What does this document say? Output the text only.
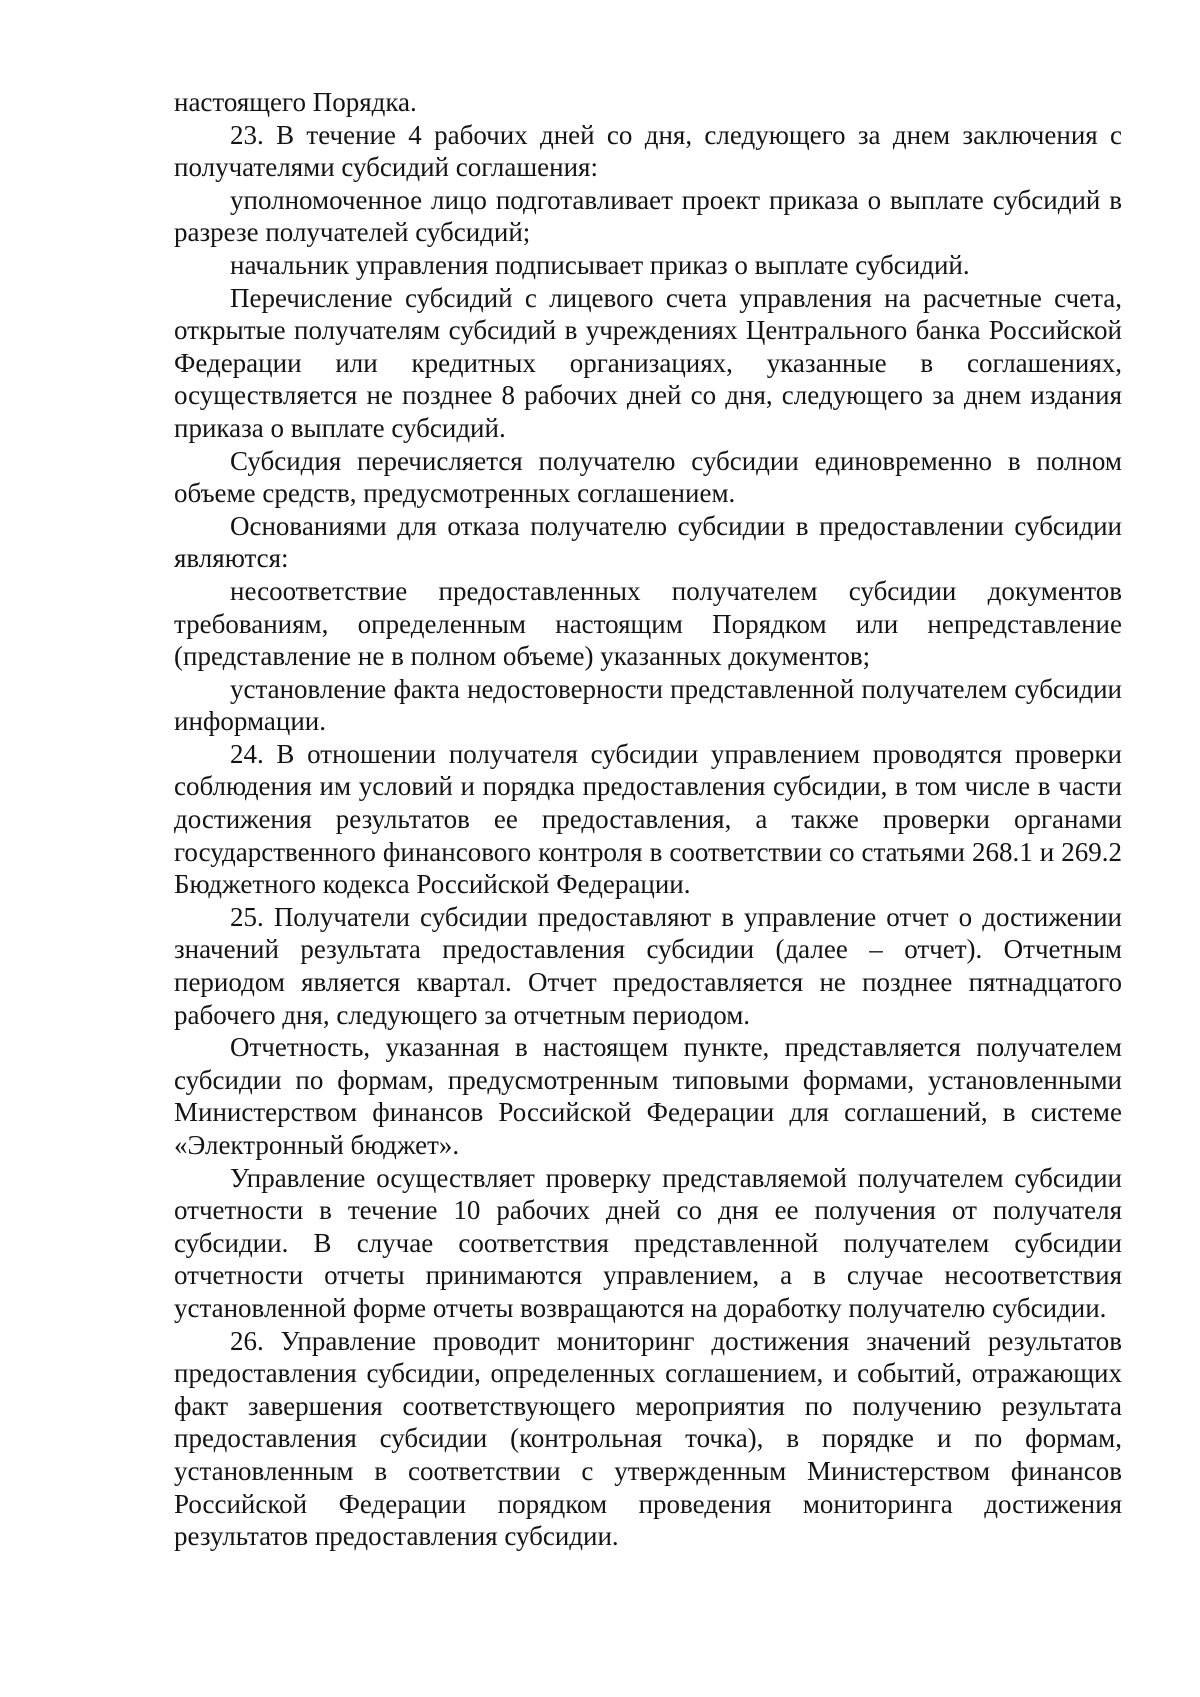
настоящего Порядка.

23. В течение 4 рабочих дней со дня, следующего за днем заключения с получателями субсидий соглашения:

уполномоченное лицо подготавливает проект приказа о выплате субсидий в разрезе получателей субсидий;

начальник управления подписывает приказ о выплате субсидий.

Перечисление субсидий с лицевого счета управления на расчетные счета, открытые получателям субсидий в учреждениях Центрального банка Российской Федерации или кредитных организациях, указанные в соглашениях, осуществляется не позднее 8 рабочих дней со дня, следующего за днем издания приказа о выплате субсидий.

Субсидия перечисляется получателю субсидии единовременно в полном объеме средств, предусмотренных соглашением.

Основаниями для отказа получателю субсидии в предоставлении субсидии являются:

несоответствие предоставленных получателем субсидии документов требованиям, определенным настоящим Порядком или непредставление (представление не в полном объеме) указанных документов;

установление факта недостоверности представленной получателем субсидии информации.

24. В отношении получателя субсидии управлением проводятся проверки соблюдения им условий и порядка предоставления субсидии, в том числе в части достижения результатов ее предоставления, а также проверки органами государственного финансового контроля в соответствии со статьями 268.1 и 269.2 Бюджетного кодекса Российской Федерации.

25. Получатели субсидии предоставляют в управление отчет о достижении значений результата предоставления субсидии (далее – отчет). Отчетным периодом является квартал. Отчет предоставляется не позднее пятнадцатого рабочего дня, следующего за отчетным периодом.

Отчетность, указанная в настоящем пункте, представляется получателем субсидии по формам, предусмотренным типовыми формами, установленными Министерством финансов Российской Федерации для соглашений, в системе «Электронный бюджет».

Управление осуществляет проверку представляемой получателем субсидии отчетности в течение 10 рабочих дней со дня ее получения от получателя субсидии. В случае соответствия представленной получателем субсидии отчетности отчеты принимаются управлением, а в случае несоответствия установленной форме отчеты возвращаются на доработку получателю субсидии.

26. Управление проводит мониторинг достижения значений результатов предоставления субсидии, определенных соглашением, и событий, отражающих факт завершения соответствующего мероприятия по получению результата предоставления субсидии (контрольная точка), в порядке и по формам, установленным в соответствии с утвержденным Министерством финансов Российской Федерации порядком проведения мониторинга достижения результатов предоставления субсидии.
